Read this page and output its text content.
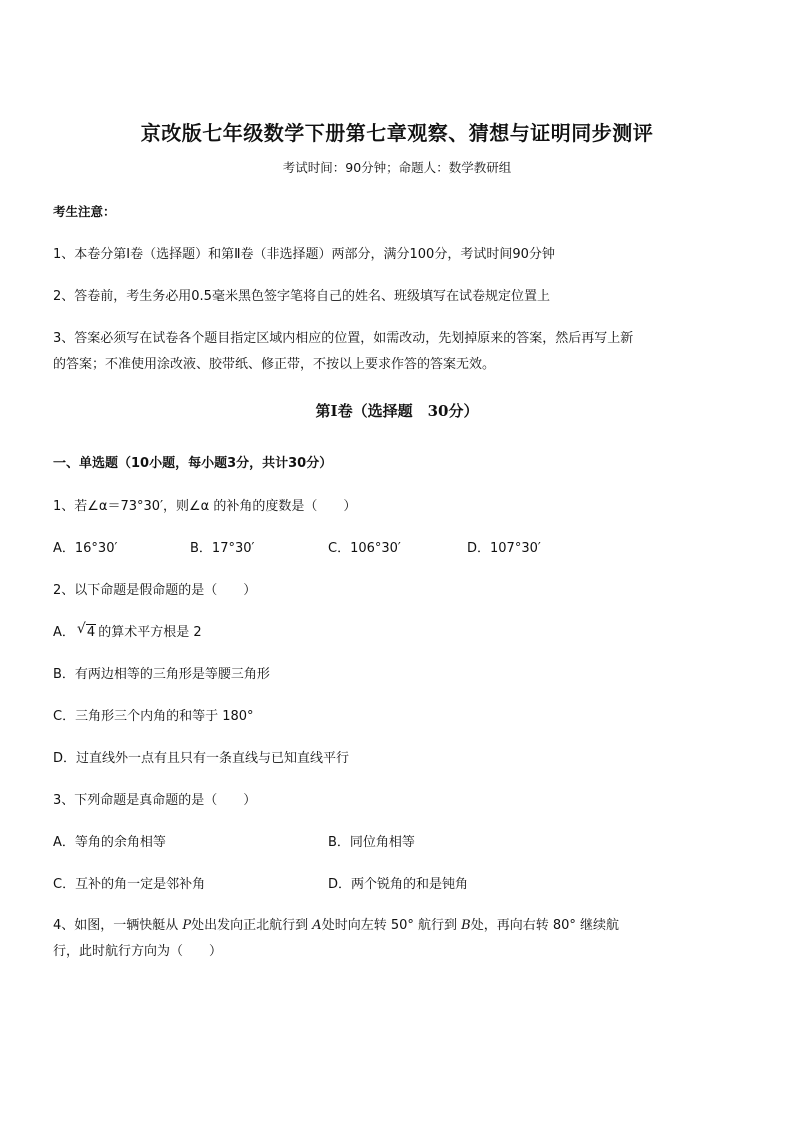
京改版七年级数学下册第七章观察、猜想与证明同步测评
考试时间：90分钟；命题人：数学教研组
考生注意：
1、本卷分第Ⅰ卷（选择题）和第Ⅱ卷（非选择题）两部分，满分100分，考试时间90分钟
2、答卷前，考生务必用0.5毫米黑色签字笔将自己的姓名、班级填写在试卷规定位置上
3、答案必须写在试卷各个题目指定区域内相应的位置，如需改动，先划掉原来的答案，然后再写上新
的答案；不准使用涂改液、胶带纸、修正带，不按以上要求作答的答案无效。
第Ⅰ卷（选择题　30分）
一、单选题（10小题，每小题3分，共计30分）
1、若∠α＝73°30′，则∠α 的补角的度数是（　　）
A．16°30′	B．17°30′	C．106°30′	D．107°30′
2、以下命题是假命题的是（　　）
A． √ 4 的算术平方根是 2
B．有两边相等的三角形是等腰三角形
C．三角形三个内角的和等于 180°
D．过直线外一点有且只有一条直线与已知直线平行
3、下列命题是真命题的是（　　）
A．等角的余角相等	B．同位角相等
C．互补的角一定是邻补角	D．两个锐角的和是钝角
4、如图，一辆快艇从 P处出发向正北航行到 A处时向左转 50° 航行到 B处，再向右转 80° 继续航
行，此时航行方向为（　　）
